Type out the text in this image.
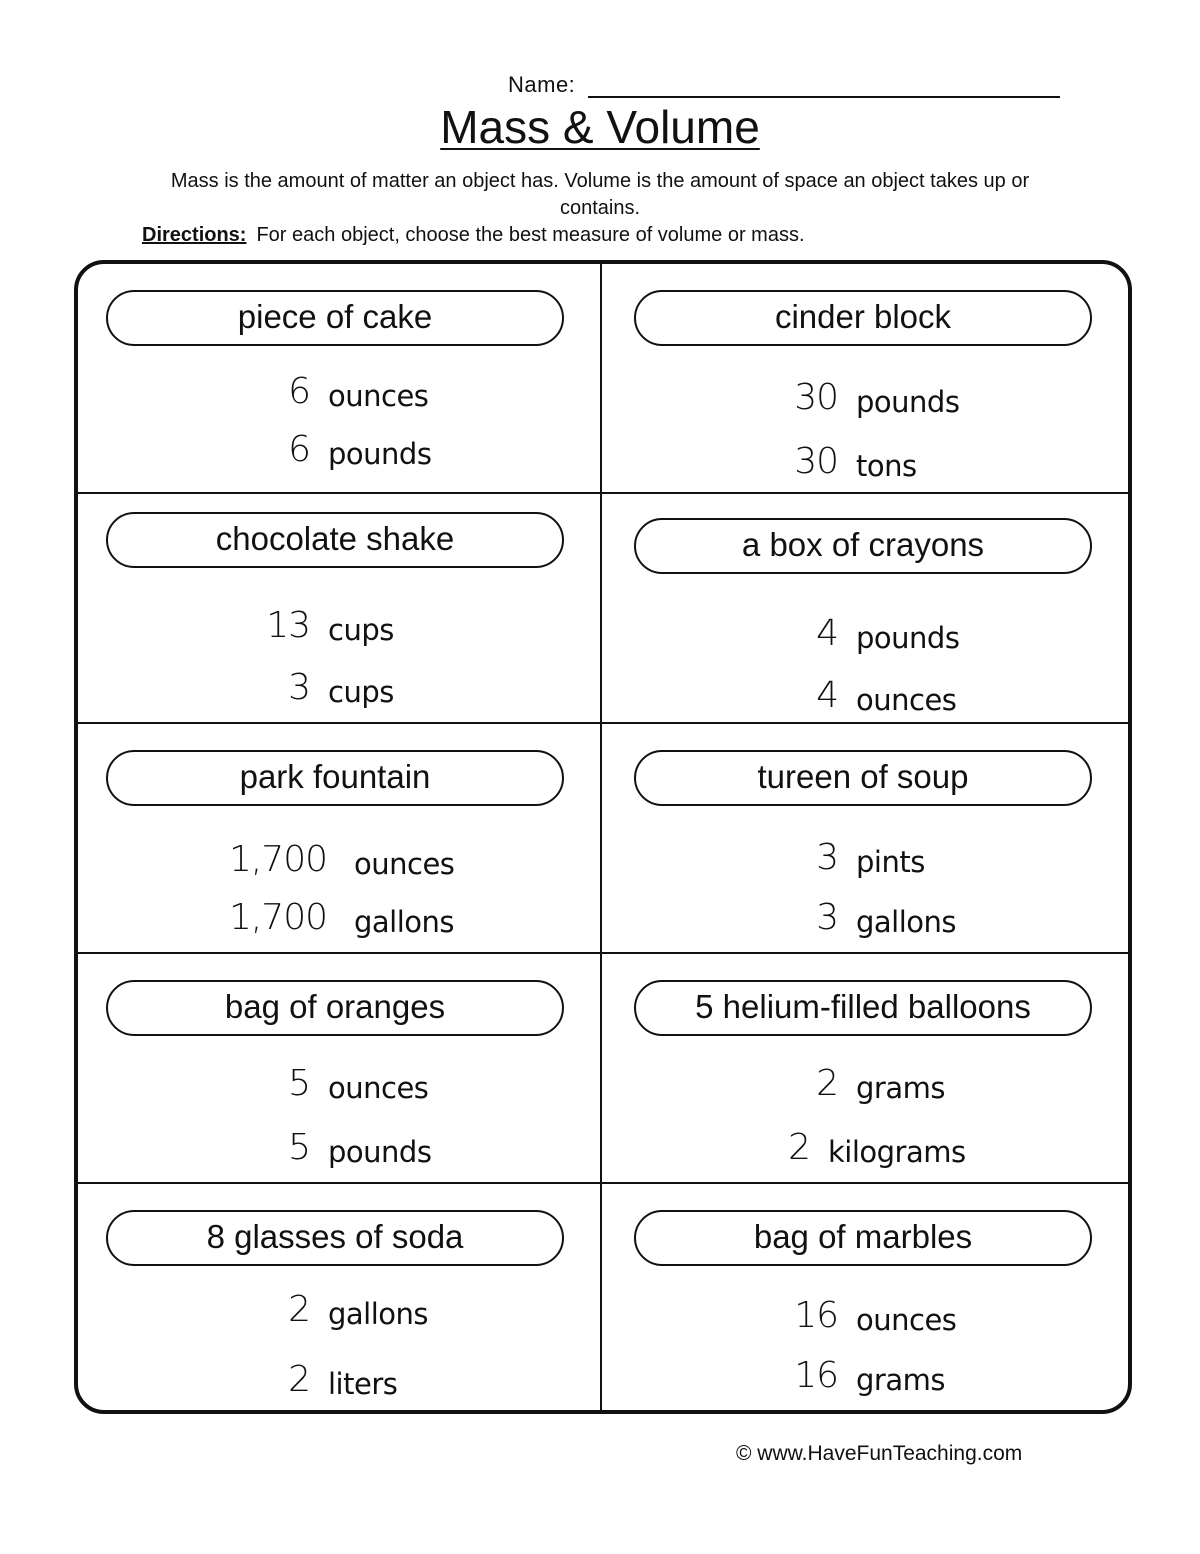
Name:
Mass & Volume
Mass is the amount of matter an object has. Volume is the amount of space an object takes up or contains.
Directions: For each object, choose the best measure of volume or mass.
piece of cake
6 ounces
6 pounds
cinder block
30 pounds
30 tons
chocolate shake
13 cups
3 cups
a box of crayons
4 pounds
4 ounces
park fountain
1,700 ounces
1,700 gallons
tureen of soup
3 pints
3 gallons
bag of oranges
5 ounces
5 pounds
5 helium-filled balloons
2 grams
2 kilograms
8 glasses of soda
2 gallons
2 liters
bag of marbles
16 ounces
16 grams
© www.HaveFunTeaching.com
